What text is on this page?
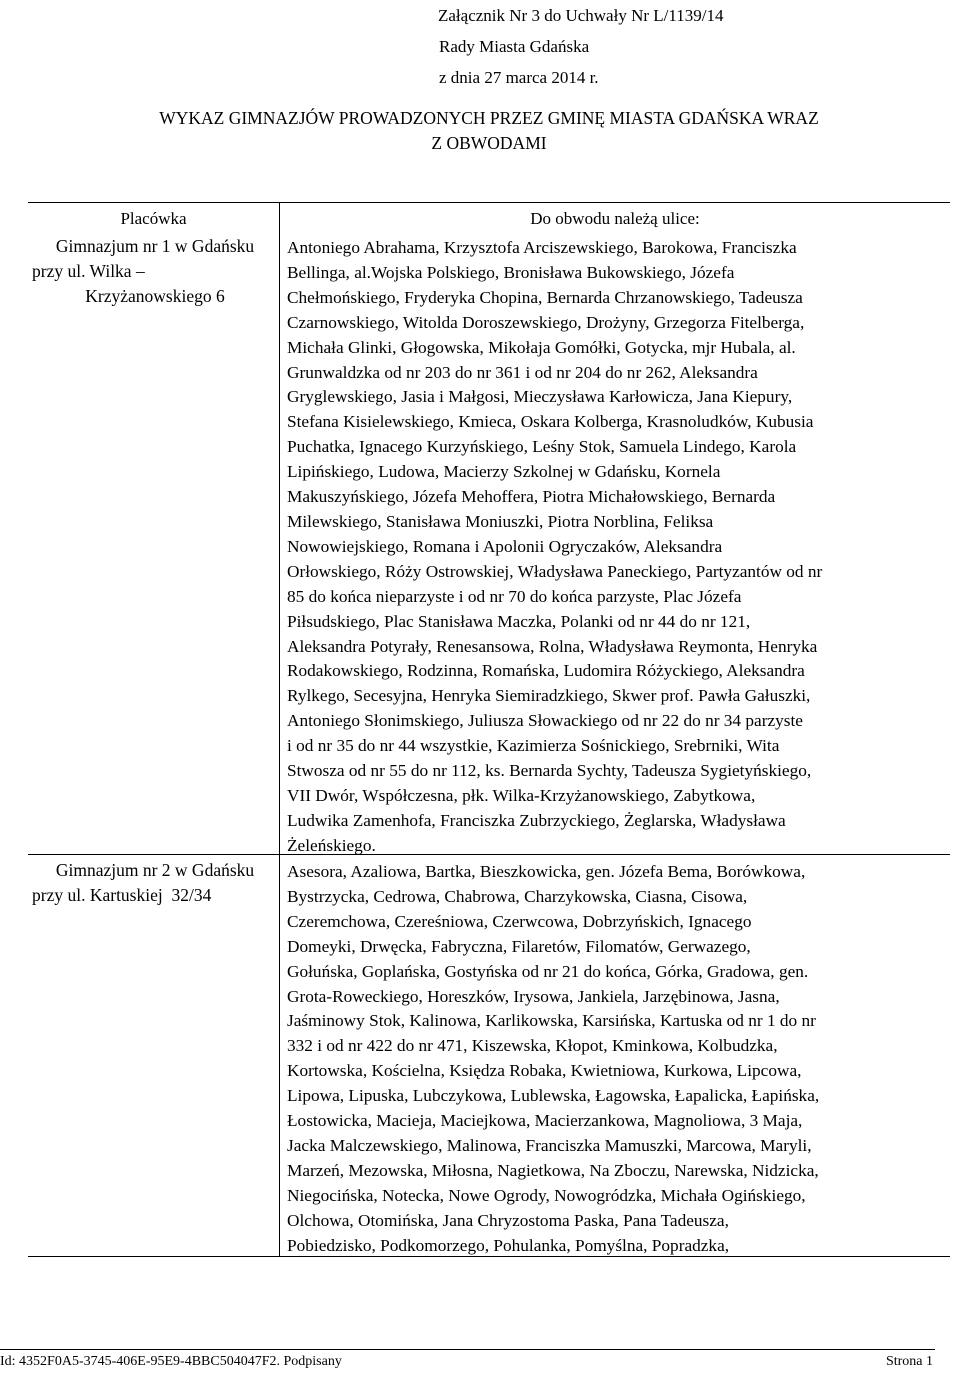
Załącznik Nr 3 do Uchwały Nr L/1139/14
Rady Miasta Gdańska
z dnia 27 marca 2014 r.
WYKAZ GIMNAZJÓW PROWADZONYCH PRZEZ GMINĘ MIASTA GDAŃSKA WRAZ
Z OBWODAMI
Placówka	Do obwodu należą ulice:
Gimnazjum nr 1 w Gdańsku
przy ul. Wilka –
Krzyżanowskiego 6
Antoniego Abrahama, Krzysztofa Arciszewskiego, Barokowa, Franciszka
Bellinga, al.Wojska Polskiego, Bronisława Bukowskiego, Józefa
Chełmońskiego, Fryderyka Chopina, Bernarda Chrzanowskiego, Tadeusza
Czarnowskiego, Witolda Doroszewskiego, Drożyny, Grzegorza Fitelberga,
Michała Glinki, Głogowska, Mikołaja Gomółki, Gotycka, mjr Hubala, al.
Grunwaldzka od nr 203 do nr 361 i od nr 204 do nr 262, Aleksandra
Gryglewskiego, Jasia i Małgosi, Mieczysława Karłowicza, Jana Kiepury,
Stefana Kisielewskiego, Kmieca, Oskara Kolberga, Krasnoludków, Kubusia
Puchatka, Ignacego Kurzyńskiego, Leśny Stok, Samuela Lindego, Karola
Lipińskiego, Ludowa, Macierzy Szkolnej w Gdańsku, Kornela
Makuszyńskiego, Józefa Mehoffera, Piotra Michałowskiego, Bernarda
Milewskiego, Stanisława Moniuszki, Piotra Norblina, Feliksa
Nowowiejskiego, Romana i Apolonii Ogryczaków, Aleksandra
Orłowskiego, Róży Ostrowskiej, Władysława Paneckiego, Partyzantów od nr
85 do końca nieparzyste i od nr 70 do końca parzyste, Plac Józefa
Piłsudskiego, Plac Stanisława Maczka, Polanki od nr 44 do nr 121,
Aleksandra Potyrały, Renesansowa, Rolna, Władysława Reymonta, Henryka
Rodakowskiego, Rodzinna, Romańska, Ludomira Różyckiego, Aleksandra
Rylkego, Secesyjna, Henryka Siemiradzkiego, Skwer prof. Pawła Gałuszki,
Antoniego Słonimskiego, Juliusza Słowackiego od nr 22 do nr 34 parzyste
i od nr 35 do nr 44 wszystkie, Kazimierza Sośnickiego, Srebrniki, Wita
Stwosza od nr 55 do nr 112, ks. Bernarda Sychty, Tadeusza Sygietyńskiego,
VII Dwór, Współczesna, płk. Wilka-Krzyżanowskiego, Zabytkowa,
Ludwika Zamenhofa, Franciszka Zubrzyckiego, Żeglarska, Władysława
Żeleńskiego.
Gimnazjum nr 2 w Gdańsku
przy ul. Kartuskiej  32/34
Asesora, Azaliowa, Bartka, Bieszkowicka, gen. Józefa Bema, Borówkowa,
Bystrzycka, Cedrowa, Chabrowa, Charzykowska, Ciasna, Cisowa,
Czeremchowa, Czereśniowa, Czerwcowa, Dobrzyńskich, Ignacego
Domeyki, Drwęcka, Fabryczna, Filaretów, Filomatów, Gerwazego,
Gołuńska, Goplańska, Gostyńska od nr 21 do końca, Górka, Gradowa, gen.
Grota-Roweckiego, Horeszków, Irysowa, Jankiela, Jarzębinowa, Jasna,
Jaśminowy Stok, Kalinowa, Karlikowska, Karsińska, Kartuska od nr 1 do nr
332 i od nr 422 do nr 471, Kiszewska, Kłopot, Kminkowa, Kolbudzka,
Kortowska, Kościelna, Księdza Robaka, Kwietniowa, Kurkowa, Lipcowa,
Lipowa, Lipuska, Lubczykowa, Lublewska, Łagowska, Łapalicka, Łapińska,
Łostowicka, Macieja, Maciejkowa, Macierzankowa, Magnoliowa, 3 Maja,
Jacka Malczewskiego, Malinowa, Franciszka Mamuszki, Marcowa, Maryli,
Marzeń, Mezowska, Miłosna, Nagietkowa, Na Zboczu, Narewska, Nidzicka,
Niegocińska, Notecka, Nowe Ogrody, Nowogródzka, Michała Ogińskiego,
Olchowa, Otomińska, Jana Chryzostoma Paska, Pana Tadeusza,
Pobiedzisko, Podkomorzego, Pohulanka, Pomyślna, Popradzka,
Id: 4352F0A5-3745-406E-95E9-4BBC504047F2. Podpisany	Strona 1
